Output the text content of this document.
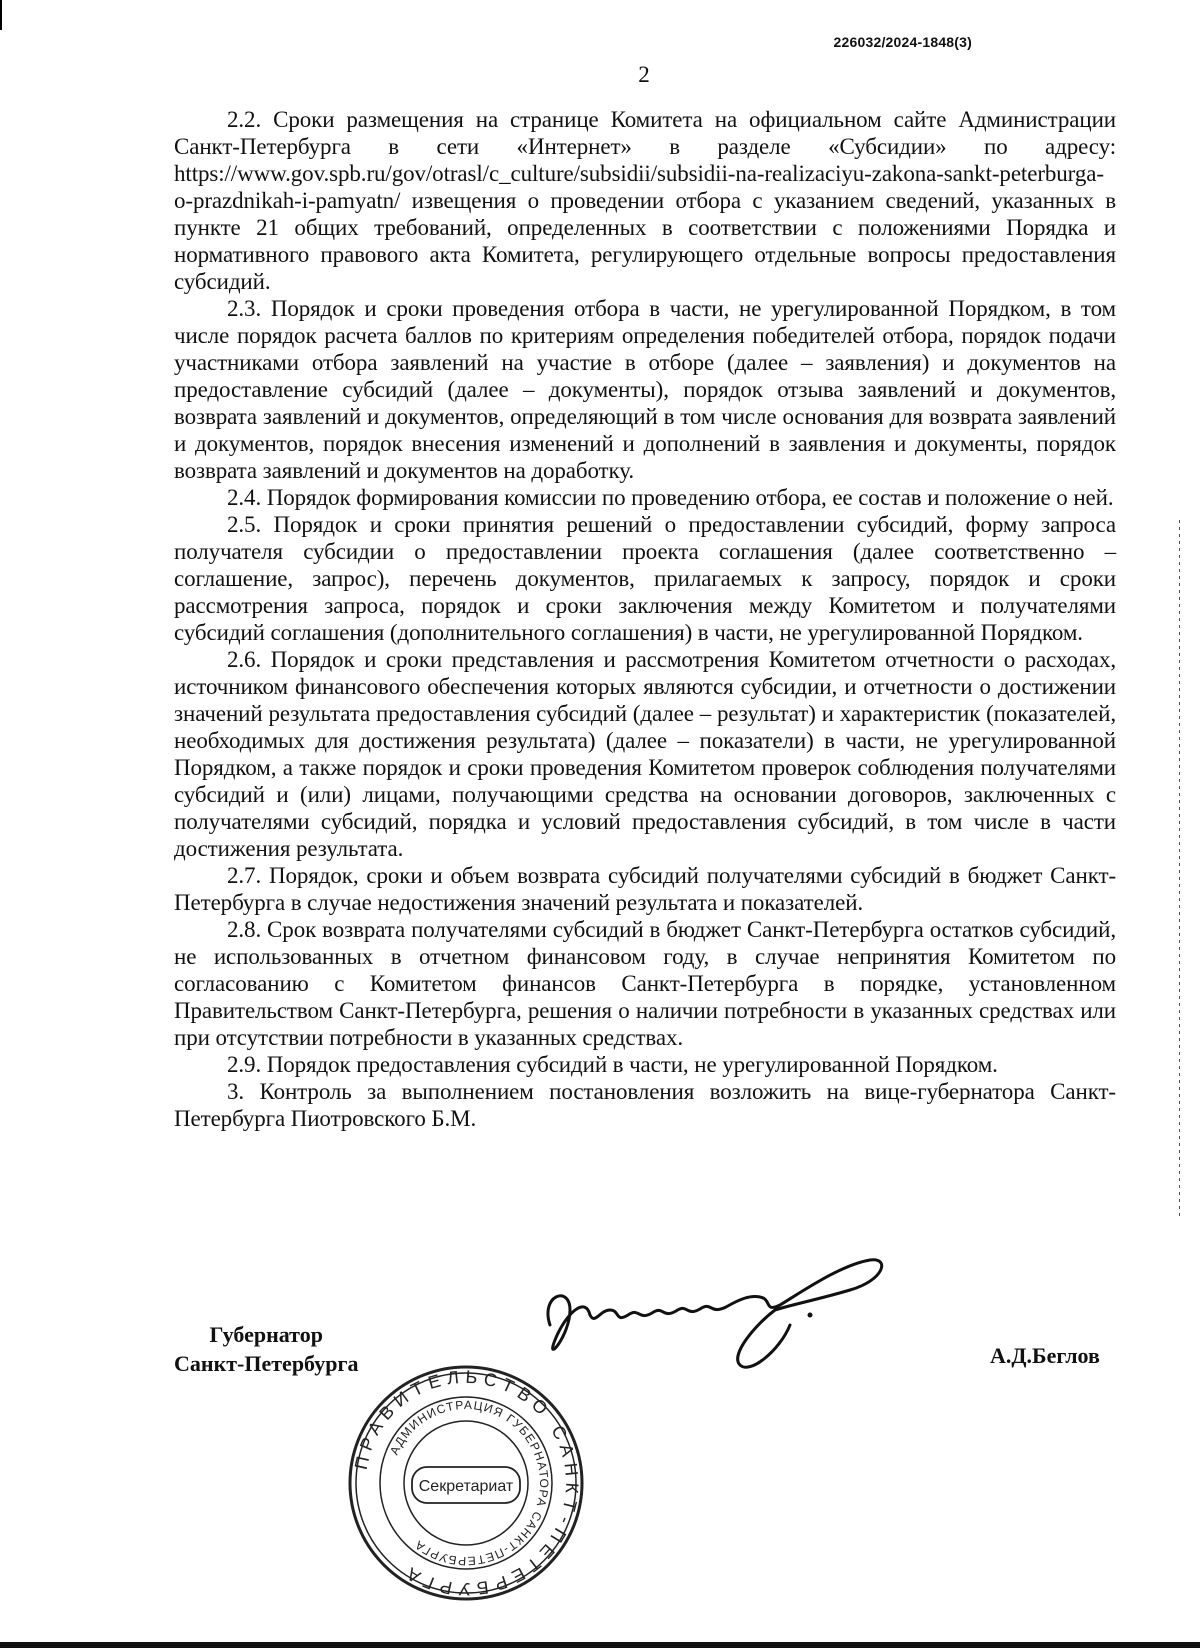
226032/2024-1848(3)
2

2.2. Сроки размещения на странице Комитета на официальном сайте Администрации Санкт-Петербурга в сети «Интернет» в разделе «Субсидии» по адресу: https://www.gov.spb.ru/gov/otrasl/c_culture/subsidii/subsidii-na-realizaciyu-zakona-sankt-peterburga-o-prazdnikah-i-pamyatn/ извещения о проведении отбора с указанием сведений, указанных в пункте 21 общих требований, определенных в соответствии с положениями Порядка и нормативного правового акта Комитета, регулирующего отдельные вопросы предоставления субсидий.

2.3. Порядок и сроки проведения отбора в части, не урегулированной Порядком, в том числе порядок расчета баллов по критериям определения победителей отбора, порядок подачи участниками отбора заявлений на участие в отборе (далее – заявления) и документов на предоставление субсидий (далее – документы), порядок отзыва заявлений и документов, возврата заявлений и документов, определяющий в том числе основания для возврата заявлений и документов, порядок внесения изменений и дополнений в заявления и документы, порядок возврата заявлений и документов на доработку.

2.4. Порядок формирования комиссии по проведению отбора, ее состав и положение о ней.

2.5. Порядок и сроки принятия решений о предоставлении субсидий, форму запроса получателя субсидии о предоставлении проекта соглашения (далее соответственно – соглашение, запрос), перечень документов, прилагаемых к запросу, порядок и сроки рассмотрения запроса, порядок и сроки заключения между Комитетом и получателями субсидий соглашения (дополнительного соглашения) в части, не урегулированной Порядком.

2.6. Порядок и сроки представления и рассмотрения Комитетом отчетности о расходах, источником финансового обеспечения которых являются субсидии, и отчетности о достижении значений результата предоставления субсидий (далее – результат) и характеристик (показателей, необходимых для достижения результата) (далее – показатели) в части, не урегулированной Порядком, а также порядок и сроки проведения Комитетом проверок соблюдения получателями субсидий и (или) лицами, получающими средства на основании договоров, заключенных с получателями субсидий, порядка и условий предоставления субсидий, в том числе в части достижения результата.

2.7. Порядок, сроки и объем возврата субсидий получателями субсидий в бюджет Санкт-Петербурга в случае недостижения значений результата и показателей.

2.8. Срок возврата получателями субсидий в бюджет Санкт-Петербурга остатков субсидий, не использованных в отчетном финансовом году, в случае непринятия Комитетом по согласованию с Комитетом финансов Санкт-Петербурга в порядке, установленном Правительством Санкт-Петербурга, решения о наличии потребности в указанных средствах или при отсутствии потребности в указанных средствах.

2.9. Порядок предоставления субсидий в части, не урегулированной Порядком.

3. Контроль за выполнением постановления возложить на вице-губернатора Санкт-Петербурга Пиотровского Б.М.

Губернатор
Санкт-Петербурга	А.Д.Беглов
ПРАВИТЕЛЬСТВО САНКТ-ПЕТЕРБУРГА
АДМИНИСТРАЦИЯ ГУБЕРНАТОРА САНКТ-ПЕТЕРБУРГА
Секретариат
